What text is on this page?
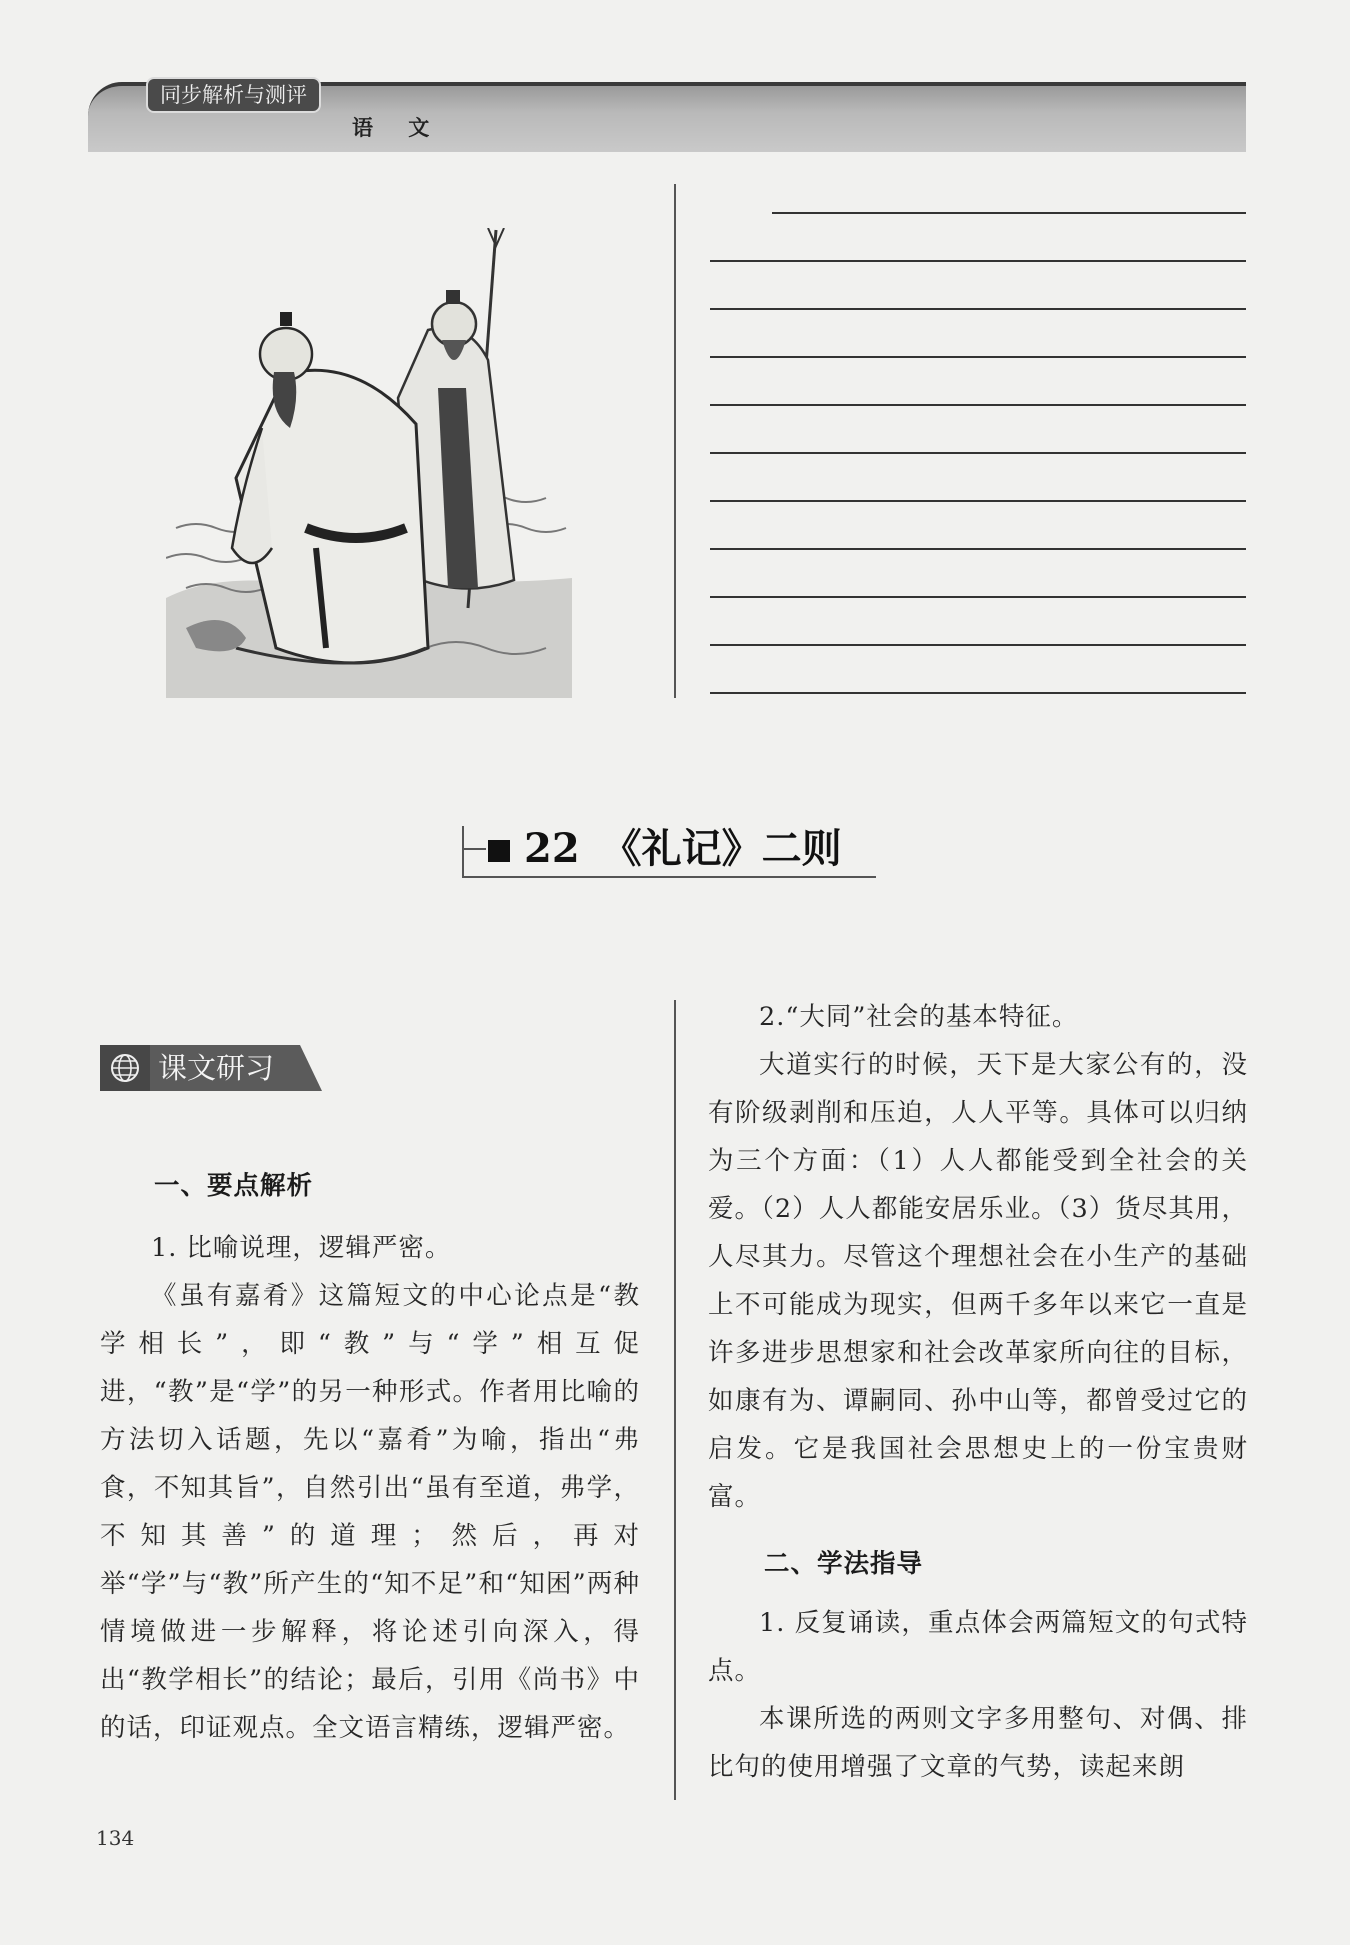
同步解析与测评
语 文
22 《礼记》二则
课文研习

一、要点解析

1. 比喻说理，逻辑严密。

《虽有嘉肴》这篇短文的中心论点是“教学相长”，即“教”与“学”相互促进，“教”是“学”的另一种形式。作者用比喻的方法切入话题，先以“嘉肴”为喻，指出“弗食，不知其旨”，自然引出“虽有至道，弗学，不知其善”的道理；然后，再对举“学”与“教”所产生的“知不足”和“知困”两种情境做进一步解释，将论述引向深入，得出“教学相长”的结论；最后，引用《尚书》中的话，印证观点。全文语言精练，逻辑严密。

2.“大同”社会的基本特征。

大道实行的时候，天下是大家公有的，没有阶级剥削和压迫，人人平等。具体可以归纳为三个方面：（1）人人都能受到全社会的关爱。（2）人人都能安居乐业。（3）货尽其用，人尽其力。尽管这个理想社会在小生产的基础上不可能成为现实，但两千多年以来它一直是许多进步思想家和社会改革家所向往的目标，如康有为、谭嗣同、孙中山等，都曾受过它的启发。它是我国社会思想史上的一份宝贵财富。

二、学法指导

1. 反复诵读，重点体会两篇短文的句式特点。

本课所选的两则文字多用整句、对偶、排比句的使用增强了文章的气势，读起来朗

134
